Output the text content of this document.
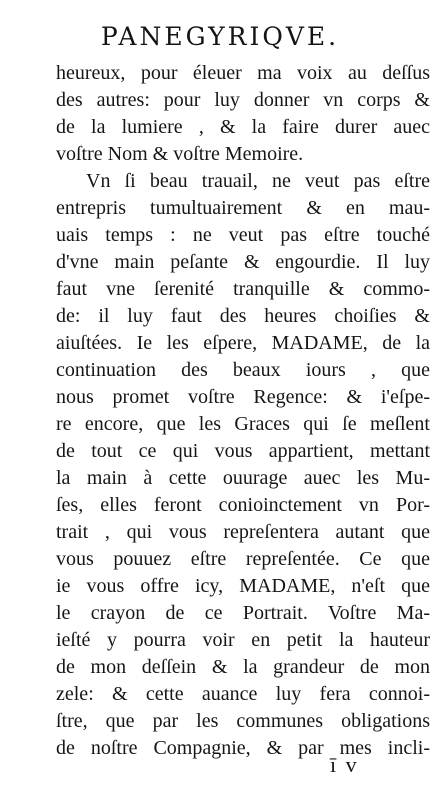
PANEGYRIQVE.
heureux, pour éleuer ma voix au deſſus
des autres: pour luy donner vn corps &
de la lumiere , & la faire durer auec
voſtre Nom & voſtre Memoire.
Vn ſi beau trauail, ne veut pas eſtre
entrepris tumultuairement & en mau-
uais temps : ne veut pas eſtre touché
d'vne main peſante & engourdie. Il luy
faut vne ſerenité tranquille & commo-
de: il luy faut des heures choiſies &
aiuſtées. Ie les eſpere, MADAME, de la
continuation des beaux iours , que
nous promet voſtre Regence: & i'eſpe-
re encore, que les Graces qui ſe meſlent
de tout ce qui vous appartient, mettant
la main à cette ouurage auec les Mu-
ſes, elles feront conioinctement vn Por-
trait , qui vous repreſentera autant que
vous pouuez eſtre repreſentée. Ce que
ie vous offre icy, MADAME, n'eſt que
le crayon de ce Portrait. Voſtre Ma-
ieſté y pourra voir en petit la hauteur
de mon deſſein & la grandeur de mon
zele: & cette auance luy fera connoi-
ſtre, que par les communes obligations
de noſtre Compagnie, & par mes incli-
ī v
